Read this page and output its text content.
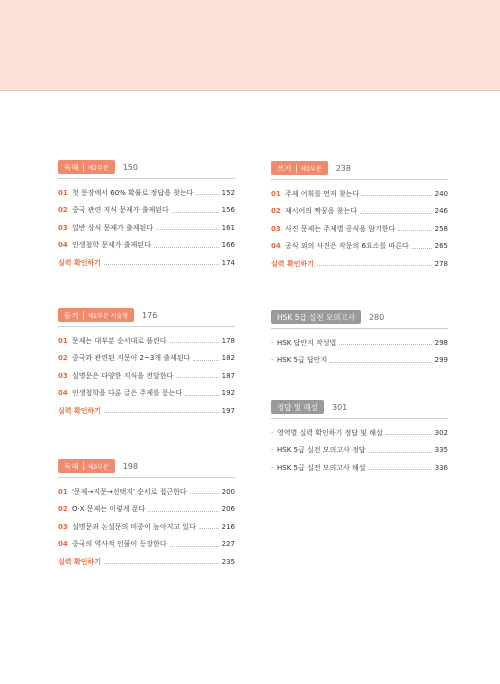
독해	제2부분 150
01 첫 문장에서 60% 확률로 정답을 찾는다	152
02 중국 관련 지식 문제가 출제된다	156
03 일반 상식 문제가 출제된다	161
04 인생철학 문제가 출제된다	166
실력 확인하기	174
듣기	제2부분 서술형 176
01 문제는 대부분 순서대로 풀린다	178
02 중국과 관련된 지문이 2~3개 출제된다	182
03 설명문은 다양한 지식을 전달한다	187
04 인생철학을 다룬 글은 주제를 묻는다	192
실력 확인하기	197
독해	제3부분 198
01 '문제→지문→선택지' 순서로 접근한다	200
02 O·X 문제는 이렇게 푼다	206
03 설명문과 논설문의 비중이 높아지고 있다	216
04 중국의 역사적 인물이 등장한다	227
실력 확인하기	235
쓰기	제2부분 238
01 주제 어휘를 먼저 찾는다	240
02 제시어의 짝꿍을 찾는다	246
03 사진 문제는 주제별 공식을 암기한다	258
04 공식 외의 사진은 작문의 6요소를 따른다	265
실력 확인하기	278
HSK 5급 실전 모의고사 280
· HSK 답안지 작성법	298
· HSK 5급 답안지	299
정답 및 해설 301
· 영역별 실력 확인하기 정답 및 해설	302
· HSK 5급 실전 모의고사 정답	335
· HSK 5급 실전 모의고사 해설	336
